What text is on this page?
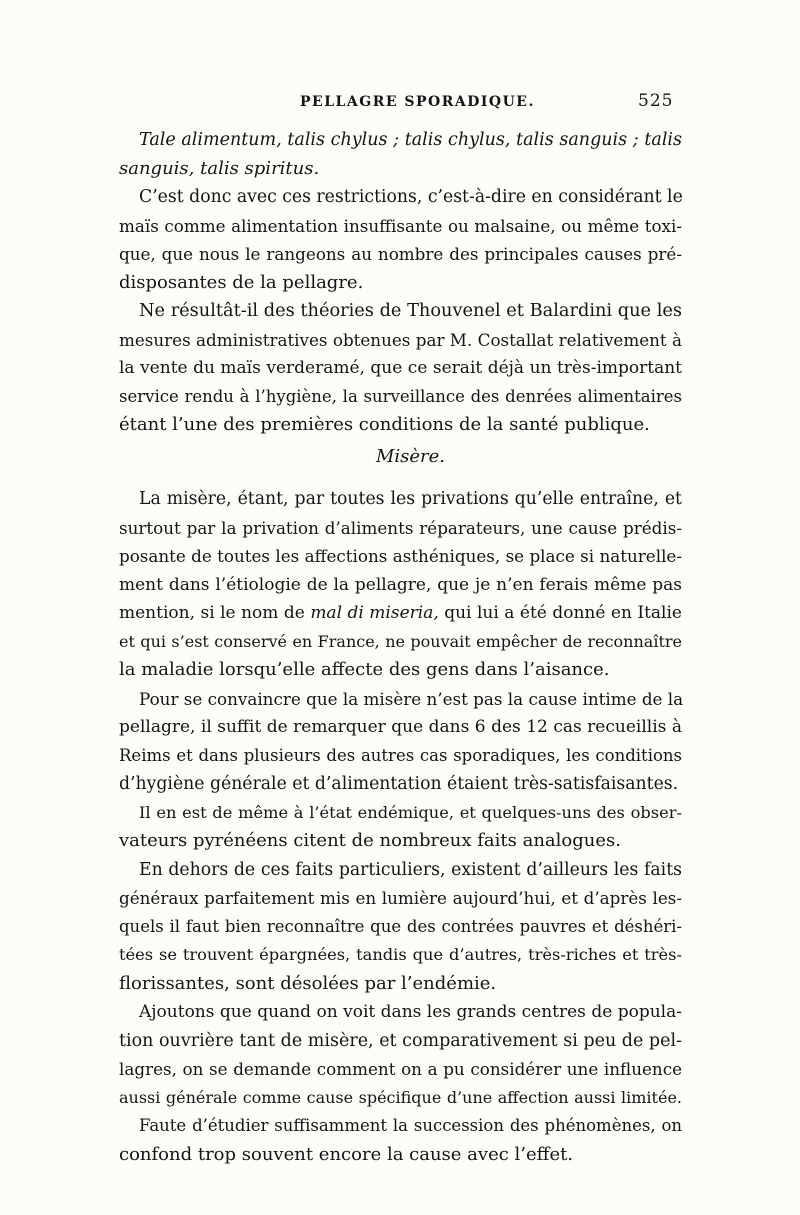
PELLAGRE SPORADIQUE.	525
Tale alimentum, talis chylus ; talis chylus, talis sanguis ; talis
sanguis, talis spiritus.
C’est donc avec ces restrictions, c’est-à-dire en considérant le
maïs comme alimentation insuffisante ou malsaine, ou même toxi-
que, que nous le rangeons au nombre des principales causes pré-
disposantes de la pellagre.
Ne résultât-il des théories de Thouvenel et Balardini que les
mesures administratives obtenues par M. Costallat relativement à
la vente du maïs verderamé, que ce serait déjà un très-important
service rendu à l’hygiène, la surveillance des denrées alimentaires
étant l’une des premières conditions de la santé publique.
Misère.
La misère, étant, par toutes les privations qu’elle entraîne, et
surtout par la privation d’aliments réparateurs, une cause prédis-
posante de toutes les affections asthéniques, se place si naturelle-
ment dans l’étiologie de la pellagre, que je n’en ferais même pas
mention, si le nom de mal di miseria, qui lui a été donné en Italie
et qui s’est conservé en France, ne pouvait empêcher de reconnaître
la maladie lorsqu’elle affecte des gens dans l’aisance.
Pour se convaincre que la misère n’est pas la cause intime de la
pellagre, il suffit de remarquer que dans 6 des 12 cas recueillis à
Reims et dans plusieurs des autres cas sporadiques, les conditions
d’hygiène générale et d’alimentation étaient très-satisfaisantes.
Il en est de même à l’état endémique, et quelques-uns des obser-
vateurs pyrénéens citent de nombreux faits analogues.
En dehors de ces faits particuliers, existent d’ailleurs les faits
généraux parfaitement mis en lumière aujourd’hui, et d’après les-
quels il faut bien reconnaître que des contrées pauvres et déshéri-
tées se trouvent épargnées, tandis que d’autres, très-riches et très-
florissantes, sont désolées par l’endémie.
Ajoutons que quand on voit dans les grands centres de popula-
tion ouvrière tant de misère, et comparativement si peu de pel-
lagres, on se demande comment on a pu considérer une influence
aussi générale comme cause spécifique d’une affection aussi limitée.
Faute d’étudier suffisamment la succession des phénomènes, on
confond trop souvent encore la cause avec l’effet.
